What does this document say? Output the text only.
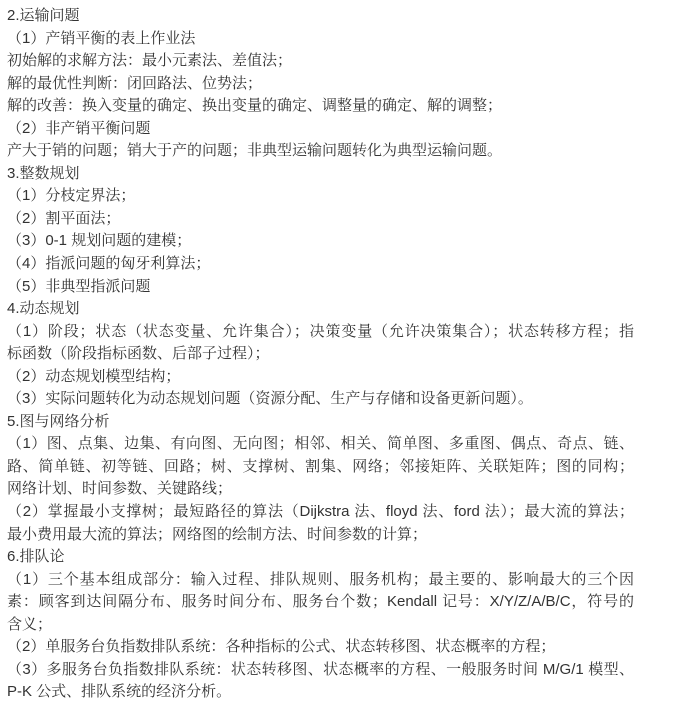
2.运输问题
（1）产销平衡的表上作业法
初始解的求解方法：最小元素法、差值法；
解的最优性判断：闭回路法、位势法；
解的改善：换入变量的确定、换出变量的确定、调整量的确定、解的调整；
（2）非产销平衡问题
产大于销的问题；销大于产的问题；非典型运输问题转化为典型运输问题。
3.整数规划
（1）分枝定界法；
（2）割平面法；
（3）0-1 规划问题的建模；
（4）指派问题的匈牙利算法；
（5）非典型指派问题
4.动态规划
（1）阶段；状态（状态变量、允许集合）；决策变量（允许决策集合）；状态转移方程；指
标函数（阶段指标函数、后部子过程）；
（2）动态规划模型结构；
（3）实际问题转化为动态规划问题（资源分配、生产与存储和设备更新问题）。
5.图与网络分析
（1）图、点集、边集、有向图、无向图；相邻、相关、简单图、多重图、偶点、奇点、链、
路、简单链、初等链、回路；树、支撑树、割集、网络；邻接矩阵、关联矩阵；图的同构；
网络计划、时间参数、关键路线；
（2）掌握最小支撑树；最短路径的算法（Dijkstra 法、floyd 法、ford 法）；最大流的算法；
最小费用最大流的算法；网络图的绘制方法、时间参数的计算；
6.排队论
（1）三个基本组成部分：输入过程、排队规则、服务机构；最主要的、影响最大的三个因
素：顾客到达间隔分布、服务时间分布、服务台个数；Kendall 记号：X/Y/Z/A/B/C，符号的
含义；
（2）单服务台负指数排队系统：各种指标的公式、状态转移图、状态概率的方程；
（3）多服务台负指数排队系统：状态转移图、状态概率的方程、一般服务时间 M/G/1 模型、
P-K 公式、排队系统的经济分析。
